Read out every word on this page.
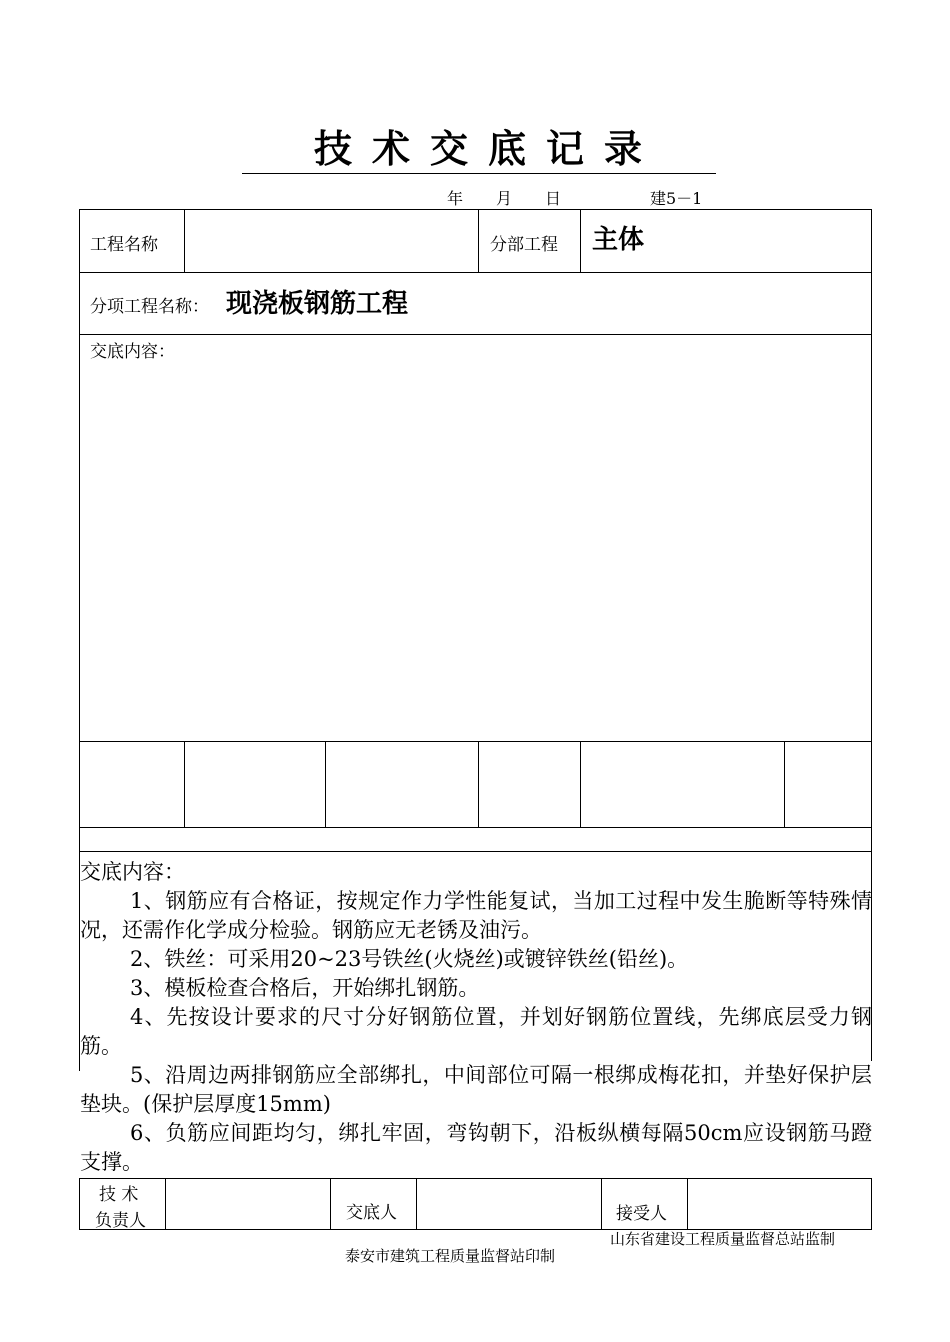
技术交底记录
年 月 日	建5－1
工程名称	分部工程 主体
分项工程名称： 现浇板钢筋工程
交底内容：
交底内容：
1、钢筋应有合格证，按规定作力学性能复试，当加工过程中发生脆断等特殊情况，还需作化学成分检验。钢筋应无老锈及油污。
2、铁丝：可采用20~23号铁丝(火烧丝)或镀锌铁丝(铅丝)。
3、模板检查合格后，开始绑扎钢筋。
4、先按设计要求的尺寸分好钢筋位置，并划好钢筋位置线，先绑底层受力钢筋。
5、沿周边两排钢筋应全部绑扎，中间部位可隔一根绑成梅花扣，并垫好保护层垫块。(保护层厚度15mm)
6、负筋应间距均匀，绑扎牢固，弯钩朝下，沿板纵横每隔50cm应设钢筋马蹬支撑。
技 术
负责人	交底人	接受人
山东省建设工程质量监督总站监制
泰安市建筑工程质量监督站印制
